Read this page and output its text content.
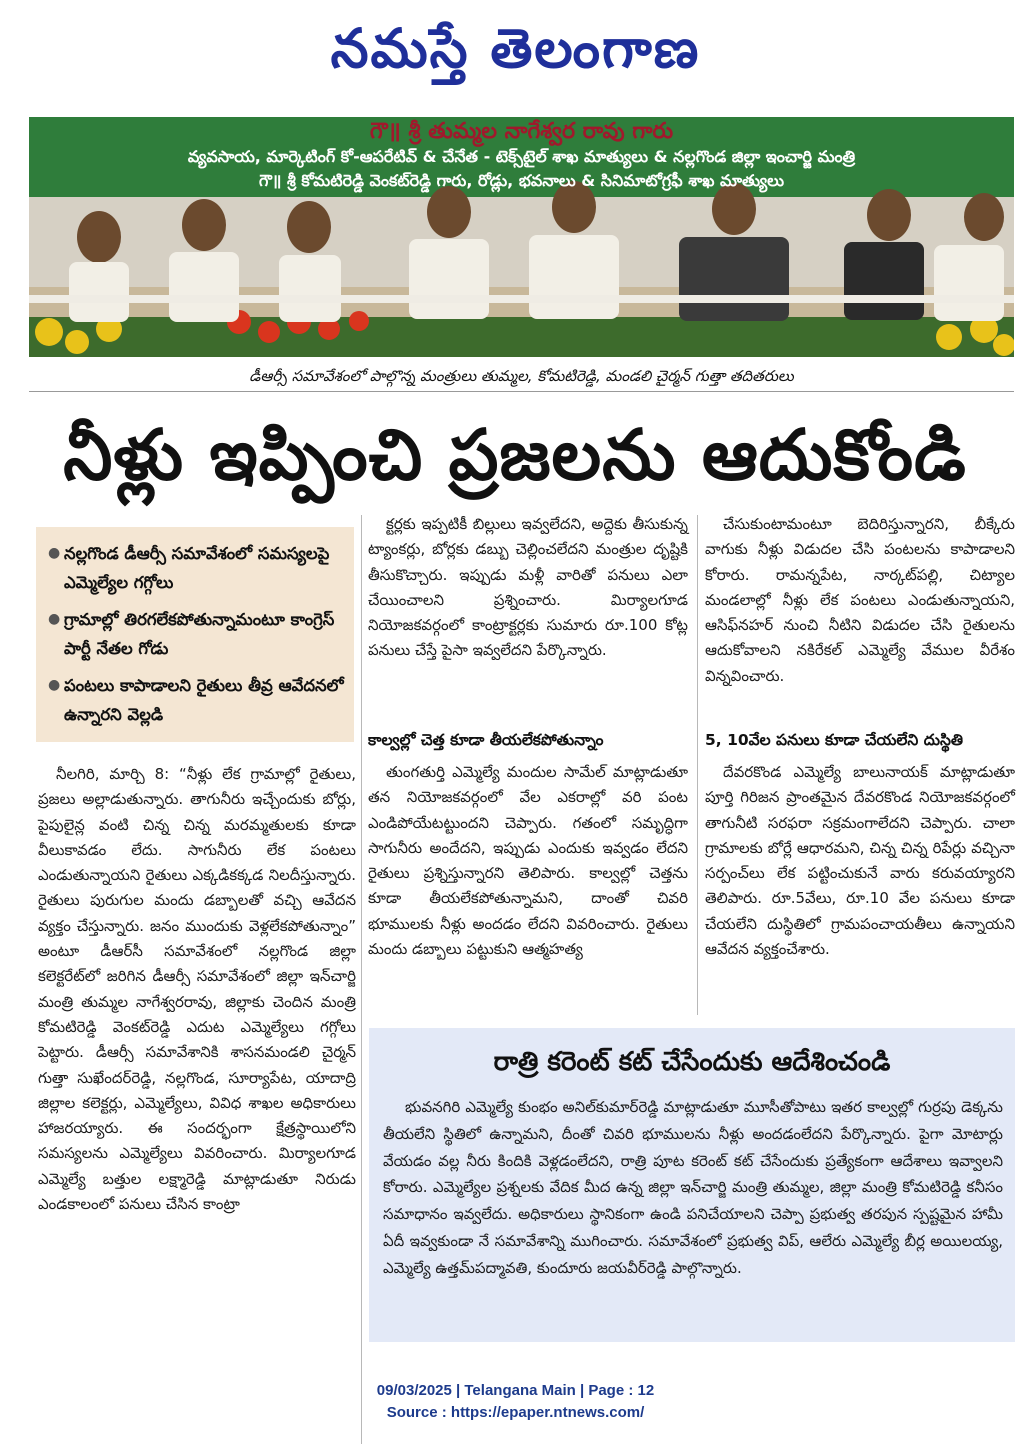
నమస్తే తెలంగాణ
గౌ॥ శ్రీ తుమ్మల నాగేశ్వర రావు గారు
వ్యవసాయ, మార్కెటింగ్ కో-ఆపరేటివ్ & చేనేత - టెక్స్‌టైల్ శాఖ మాత్యులు & నల్లగొండ జిల్లా ఇంచార్జి మంత్రి
గౌ॥ శ్రీ కోమటిరెడ్డి వెంకట్‌రెడ్డి గారు, రోడ్లు, భవనాలు & సినిమాటోగ్రఫీ శాఖ మాత్యులు
డీఆర్సీ సమావేశంలో పాల్గొన్న మంత్రులు తుమ్మల, కోమటిరెడ్డి, మండలి చైర్మన్ గుత్తా తదితరులు
నీళ్లు ఇప్పించి ప్రజలను ఆదుకోండి
● నల్లగొండ డీఆర్సీ సమావేశంలో సమస్యలపై ఎమ్మెల్యేల గగ్గోలు
● గ్రామాల్లో తిరగలేకపోతున్నామంటూ కాంగ్రెస్ పార్టీ నేతల గోడు
● పంటలు కాపాడాలని రైతులు తీవ్ర ఆవేదనలో ఉన్నారని వెల్లడి

నీలగిరి, మార్చి 8: “నీళ్లు లేక గ్రామాల్లో రైతులు, ప్రజలు అల్లాడుతున్నారు. తాగునీరు ఇచ్చేందుకు బోర్లు, పైపులైన్ల వంటి చిన్న చిన్న మరమ్మతులకు కూడా వీలుకావడం లేదు. సాగునీరు లేక పంటలు ఎండుతున్నాయని రైతులు ఎక్కడికక్కడ నిలదీస్తున్నారు. రైతులు పురుగుల మందు డబ్బాలతో వచ్చి ఆవేదన వ్యక్తం చేస్తున్నారు. జనం ముందుకు వెళ్లలేకపోతున్నాం” అంటూ డీఆర్‌సీ సమావేశంలో నల్లగొండ జిల్లా కలెక్టరేట్‌లో జరిగిన డీఆర్సీ సమావేశంలో జిల్లా ఇన్‌చార్జి మంత్రి తుమ్మల నాగేశ్వరరావు, జిల్లాకు చెందిన మంత్రి కోమటిరెడ్డి వెంకట్‌రెడ్డి ఎదుట ఎమ్మెల్యేలు గగ్గోలు పెట్టారు. డీఆర్సీ సమావేశానికి శాసనమండలి చైర్మన్ గుత్తా సుఖేందర్‌రెడ్డి, నల్లగొండ, సూర్యాపేట, యాదాద్రి జిల్లాల కలెక్టర్లు, ఎమ్మెల్యేలు, వివిధ శాఖల అధికారులు హాజరయ్యారు. ఈ సందర్భంగా క్షేత్రస్థాయిలోని సమస్యలను ఎమ్మెల్యేలు వివరించారు. మిర్యాలగూడ ఎమ్మెల్యే బత్తుల లక్ష్మారెడ్డి మాట్లాడుతూ నిరుడు ఎండకాలంలో పనులు చేసిన కాంట్రా

క్టర్లకు ఇప్పటికీ బిల్లులు ఇవ్వలేదని, అద్దెకు తీసుకున్న ట్యాంకర్లు, బోర్లకు డబ్బు చెల్లించలేదని మంత్రుల దృష్టికి తీసుకొచ్చారు. ఇప్పుడు మళ్లీ వారితో పనులు ఎలా చేయించాలని ప్రశ్నించారు. మిర్యాలగూడ నియోజకవర్గంలో కాంట్రాక్టర్లకు సుమారు రూ.100 కోట్ల పనులు చేస్తే పైసా ఇవ్వలేదని పేర్కొన్నారు.

కాల్వల్లో చెత్త కూడా తీయలేకపోతున్నాం

తుంగతుర్తి ఎమ్మెల్యే మందుల సామేల్ మాట్లాడుతూ తన నియోజకవర్గంలో వేల ఎకరాల్లో వరి పంట ఎండిపోయేటట్టుందని చెప్పారు. గతంలో సమృద్ధిగా సాగునీరు అందేదని, ఇప్పుడు ఎందుకు ఇవ్వడం లేదని రైతులు ప్రశ్నిస్తున్నారని తెలిపారు. కాల్వల్లో చెత్తను కూడా తీయలేకపోతున్నామని, దాంతో చివరి భూములకు నీళ్లు అందడం లేదని వివరించారు. రైతులు మందు డబ్బాలు పట్టుకుని ఆత్మహత్య

చేసుకుంటామంటూ బెదిరిస్తున్నారని, బీక్కేరు వాగుకు నీళ్లు విడుదల చేసి పంటలను కాపాడాలని కోరారు. రామన్నపేట, నార్కట్‌పల్లి, చిట్యాల మండలాల్లో నీళ్లు లేక పంటలు ఎండుతున్నాయని, ఆసిఫ్‌నహర్ నుంచి నీటిని విడుదల చేసి రైతులను ఆదుకోవాలని నకిరేకల్ ఎమ్మెల్యే వేముల వీరేశం విన్నవించారు.

5, 10వేల పనులు కూడా చేయలేని దుస్థితి

దేవరకొండ ఎమ్మెల్యే బాలునాయక్ మాట్లాడుతూ పూర్తి గిరిజన ప్రాంతమైన దేవరకొండ నియోజకవర్గంలో తాగునీటి సరఫరా సక్రమంగాలేదని చెప్పారు. చాలా గ్రామాలకు బోర్లే ఆధారమని, చిన్న చిన్న రిపేర్లు వచ్చినా సర్పంచ్‌లు లేక పట్టించుకునే వారు కరువయ్యారని తెలిపారు. రూ.5వేలు, రూ.10 వేల పనులు కూడా చేయలేని దుస్థితిలో గ్రామపంచాయతీలు ఉన్నాయని ఆవేదన వ్యక్తంచేశారు.

రాత్రి కరెంట్ కట్ చేసేందుకు ఆదేశించండి

భువనగిరి ఎమ్మెల్యే కుంభం అనిల్‌కుమార్‌రెడ్డి మాట్లాడుతూ మూసీతోపాటు ఇతర కాల్వల్లో గుర్రపు డెక్కను తీయలేని స్థితిలో ఉన్నామని, దీంతో చివరి భూములను నీళ్లు అందడంలేదని పేర్కొన్నారు. పైగా మోటార్లు వేయడం వల్ల నీరు కిందికి వెళ్లడంలేదని, రాత్రి పూట కరెంట్ కట్ చేసేందుకు ప్రత్యేకంగా ఆదేశాలు ఇవ్వాలని కోరారు. ఎమ్మెల్యేల ప్రశ్నలకు వేదిక మీద ఉన్న జిల్లా ఇన్‌చార్జి మంత్రి తుమ్మల, జిల్లా మంత్రి కోమటిరెడ్డి కనీసం సమాధానం ఇవ్వలేదు. అధికారులు స్థానికంగా ఉండి పనిచేయాలని చెప్పా ప్రభుత్వ తరపున స్పష్టమైన హామీ ఏదీ ఇవ్వకుండా నే సమావేశాన్ని ముగించారు. సమావేశంలో ప్రభుత్వ విప్, ఆలేరు ఎమ్మెల్యే బీర్ల అయిలయ్య, ఎమ్మెల్యే ఉత్తమ్‌పద్మావతి, కుందూరు జయవీర్‌రెడ్డి పాల్గొన్నారు.

09/03/2025 | Telangana Main | Page : 12
Source : https://epaper.ntnews.com/
